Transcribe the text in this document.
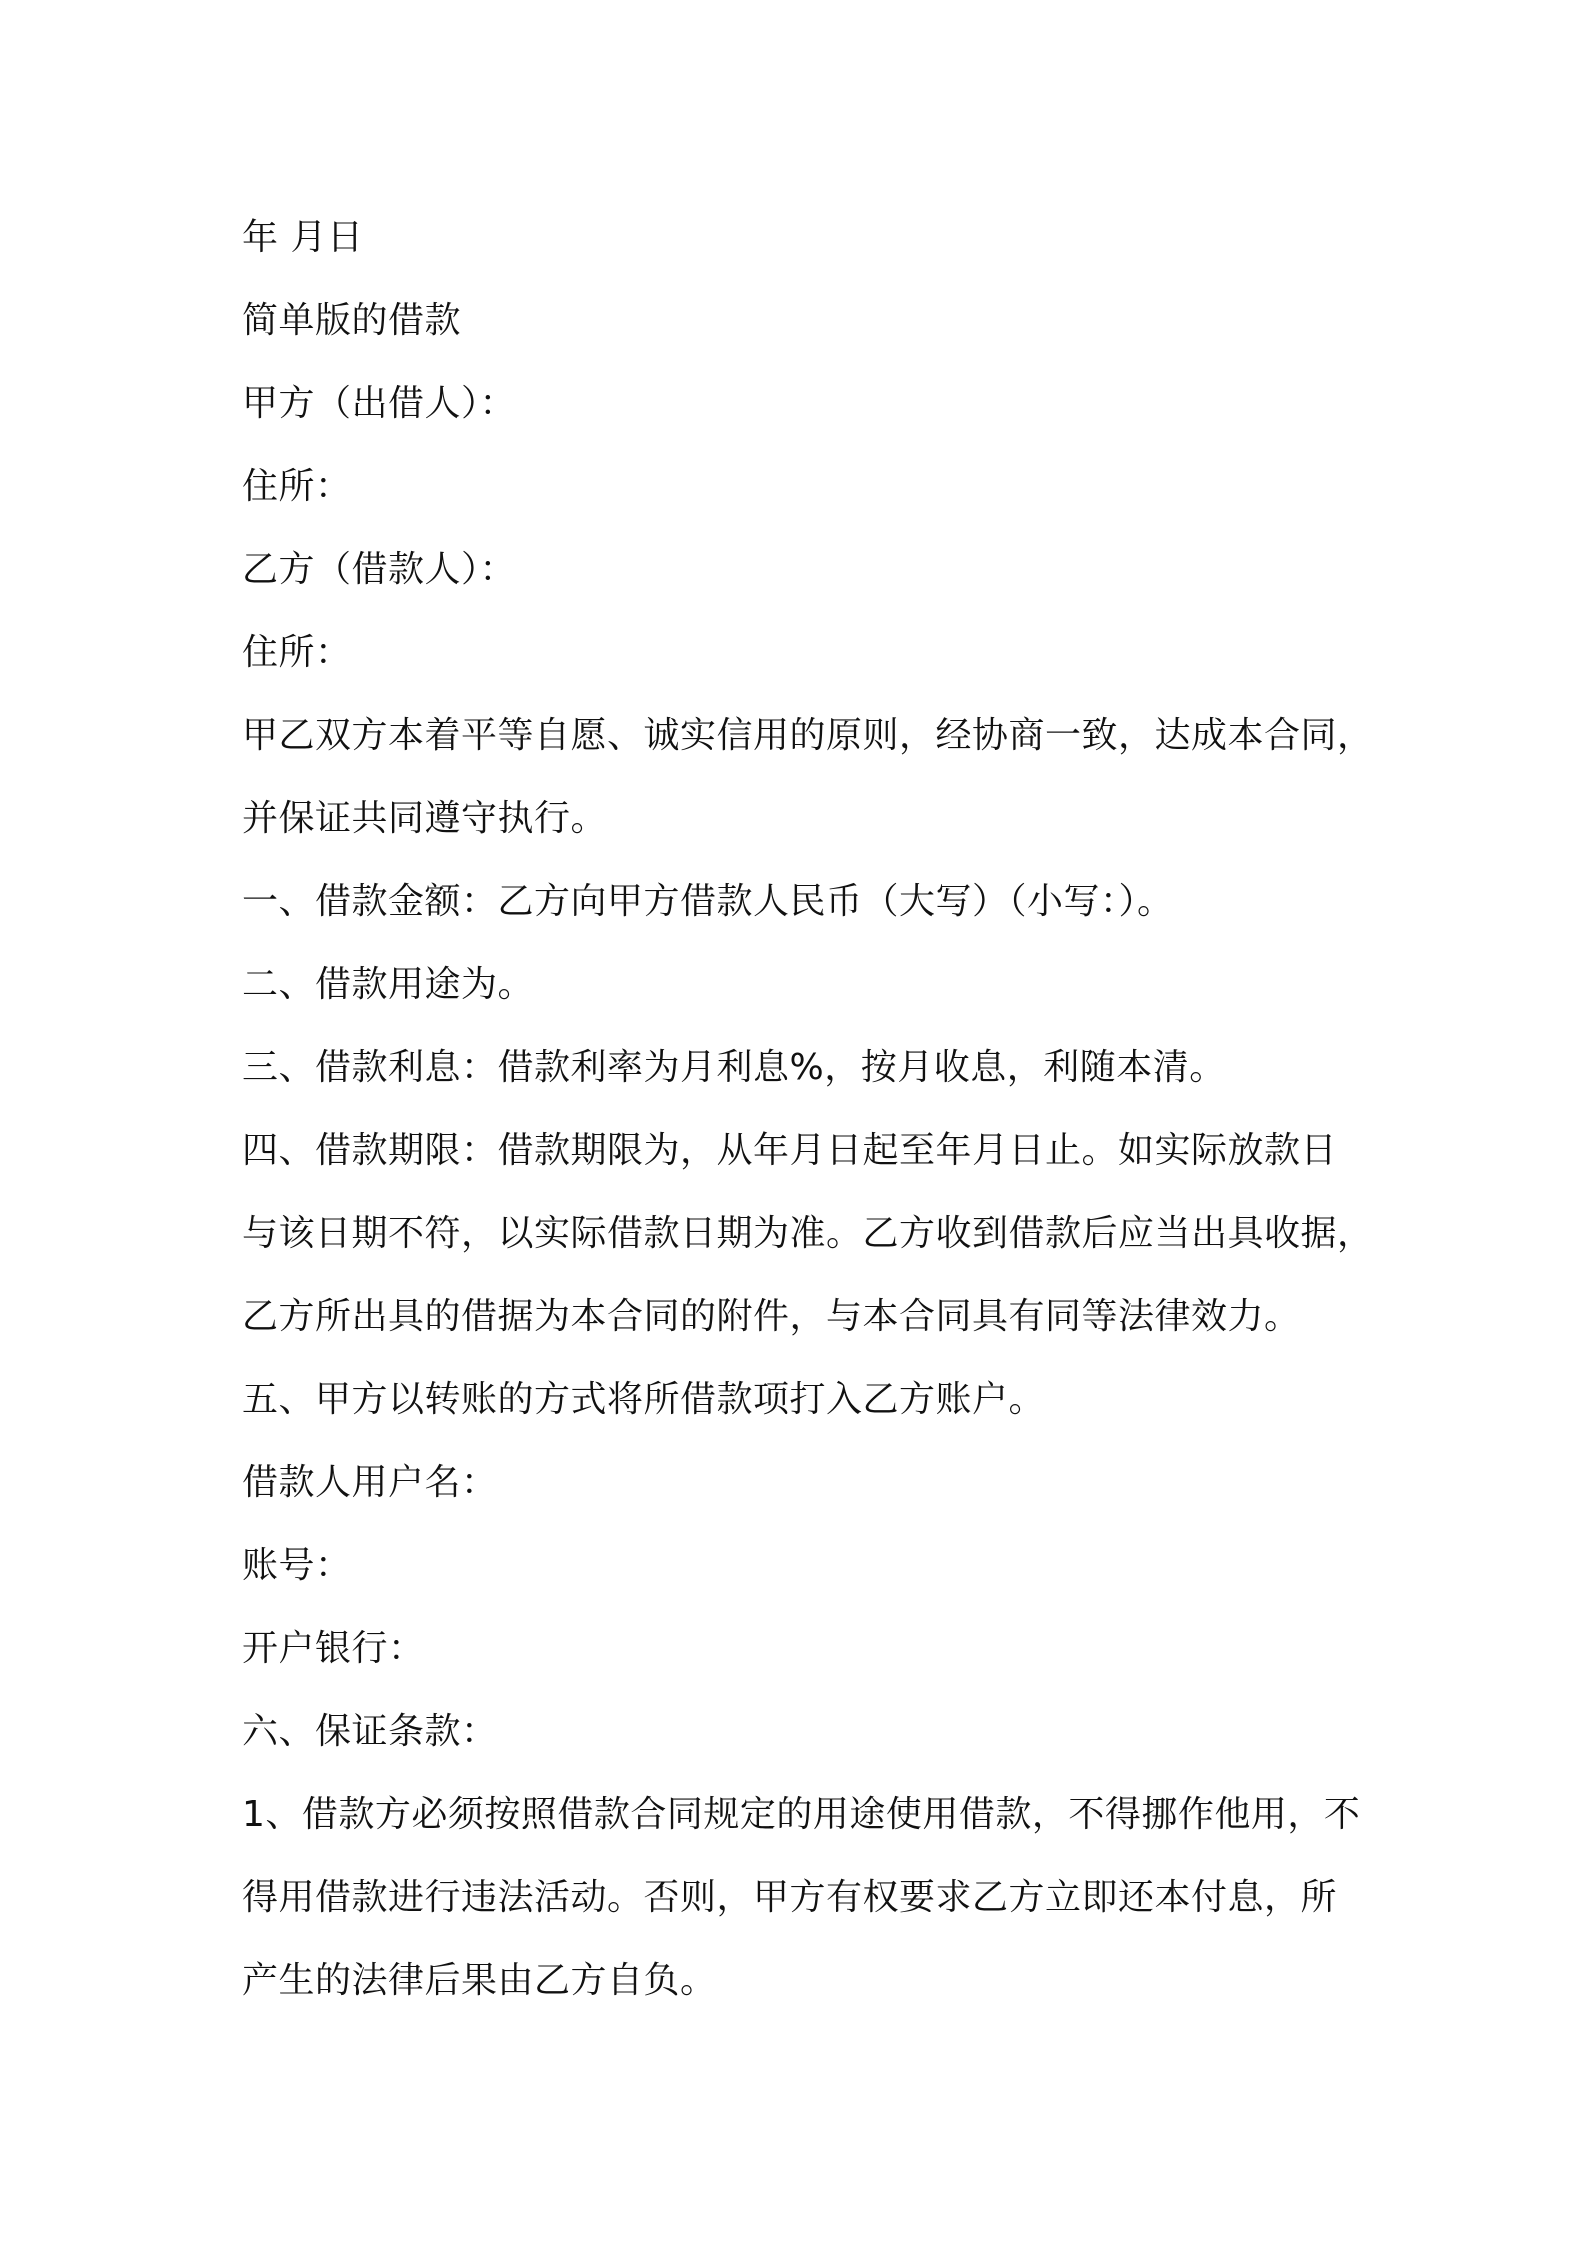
年 月日
简单版的借款
甲方（出借人）：
住所：
乙方（借款人）：
住所：
甲乙双方本着平等自愿、诚实信用的原则，经协商一致，达成本合同，
并保证共同遵守执行。
一、借款金额：乙方向甲方借款人民币（大写）（小写：）。
二、借款用途为。
三、借款利息：借款利率为月利息%，按月收息，利随本清。
四、借款期限：借款期限为，从年月日起至年月日止。如实际放款日
与该日期不符，以实际借款日期为准。乙方收到借款后应当出具收据，
乙方所出具的借据为本合同的附件，与本合同具有同等法律效力。
五、甲方以转账的方式将所借款项打入乙方账户。
借款人用户名：
账号：
开户银行：
六、保证条款：
1、借款方必须按照借款合同规定的用途使用借款，不得挪作他用，不
得用借款进行违法活动。否则，甲方有权要求乙方立即还本付息，所
产生的法律后果由乙方自负。
